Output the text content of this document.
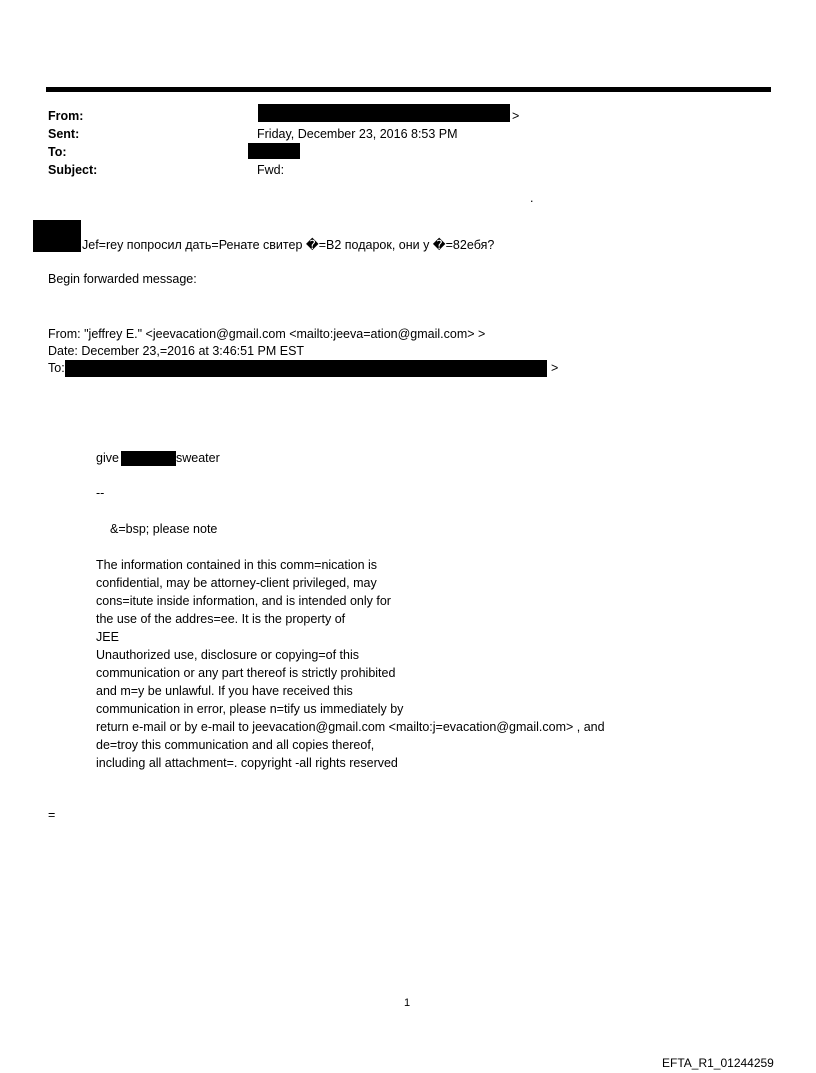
From:	>
Sent:	Friday, December 23, 2016 8:53 PM
To:
Subject:	Fwd:
.
Jef=rey попросил дать=Ренате свитер �=B2 подарок, они у �=82eбя?
Begin forwarded message:
From: "jeffrey E." <jeevacation@gmail.com <mailto:jeeva=ation@gmail.com> >
Date: December 23,=2016 at 3:46:51 PM EST
To:	>
give	sweater
--
&=bsp; please note
The information contained in this comm=nication is
confidential, may be attorney-client privileged, may
cons=itute inside information, and is intended only for
the use of the addres=ee. It is the property of
JEE
Unauthorized use, disclosure or copying=of this
communication or any part thereof is strictly prohibited
and m=y be unlawful. If you have received this
communication in error, please n=tify us immediately by
return e-mail or by e-mail to jeevacation@gmail.com <mailto:j=evacation@gmail.com> , and
de=troy this communication and all copies thereof,
including all attachment=. copyright -all rights reserved
=
1
EFTA_R1_01244259
